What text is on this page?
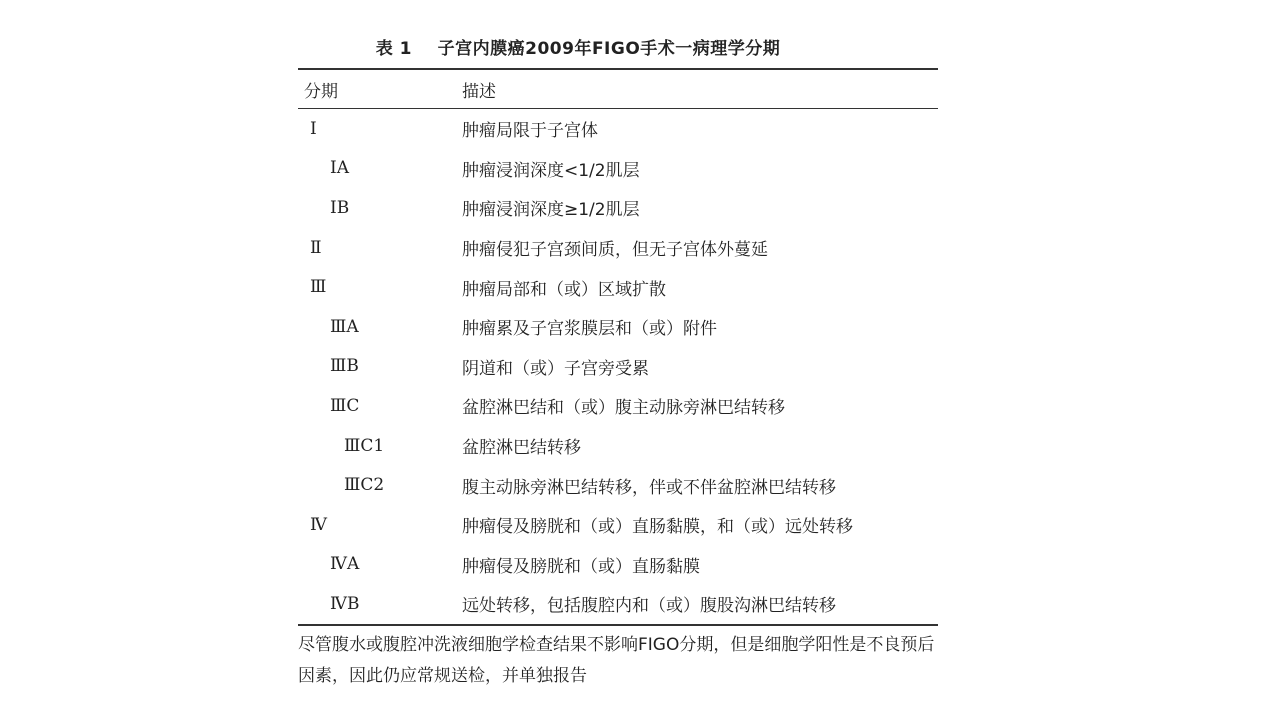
表 1    子宫内膜癌2009年FIGO手术一病理学分期
分期	描述
Ⅰ	肿瘤局限于子宫体
ⅠA	肿瘤浸润深度<1/2肌层
ⅠB	肿瘤浸润深度≥1/2肌层
Ⅱ	肿瘤侵犯子宫颈间质，但无子宫体外蔓延
Ⅲ	肿瘤局部和（或）区域扩散
ⅢA	肿瘤累及子宫浆膜层和（或）附件
ⅢB	阴道和（或）子宫旁受累
ⅢC	盆腔淋巴结和（或）腹主动脉旁淋巴结转移
ⅢC1	盆腔淋巴结转移
ⅢC2	腹主动脉旁淋巴结转移，伴或不伴盆腔淋巴结转移
Ⅳ	肿瘤侵及膀胱和（或）直肠黏膜，和（或）远处转移
ⅣA	肿瘤侵及膀胱和（或）直肠黏膜
ⅣB	远处转移，包括腹腔内和（或）腹股沟淋巴结转移
尽管腹水或腹腔冲洗液细胞学检查结果不影响FIGO分期，但是细胞学阳性是不良预后因素，因此仍应常规送检，并单独报告
